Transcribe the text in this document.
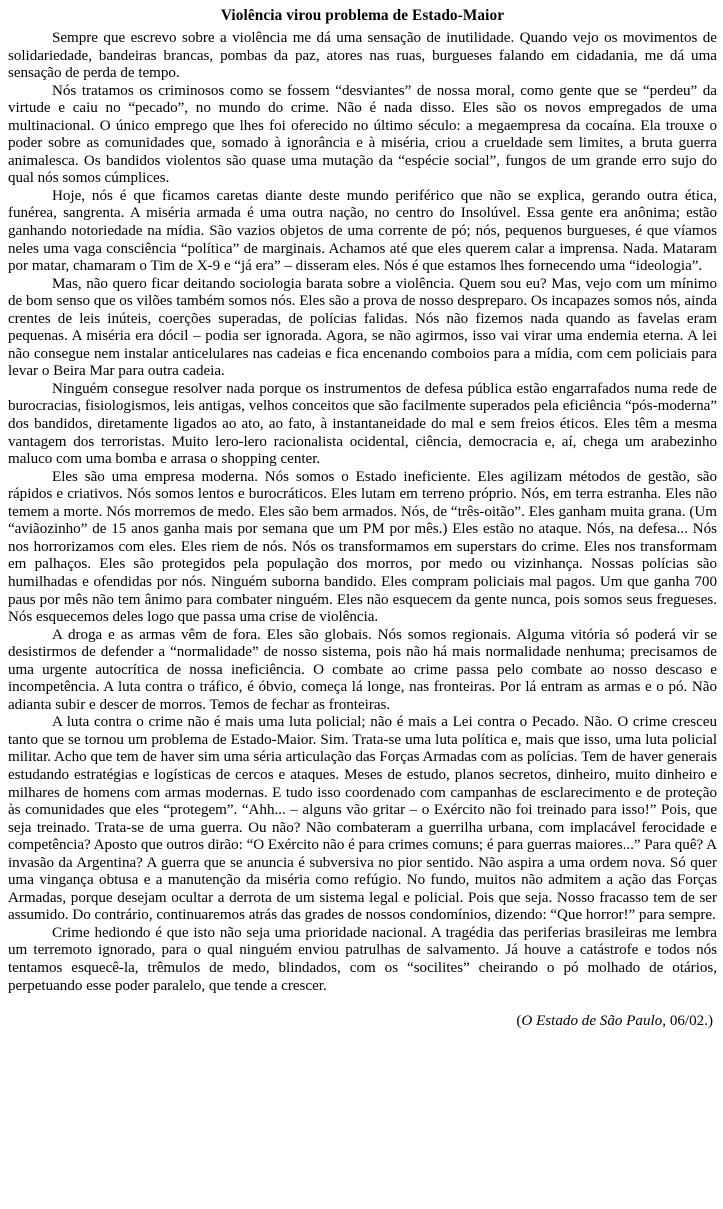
Violência virou problema de Estado-Maior

Sempre que escrevo sobre a violência me dá uma sensação de inutilidade. Quando vejo os movimentos de solidariedade, bandeiras brancas, pombas da paz, atores nas ruas, burgueses falando em cidadania, me dá uma sensação de perda de tempo.

Nós tratamos os criminosos como se fossem “desviantes” de nossa moral, como gente que se “perdeu” da virtude e caiu no “pecado”, no mundo do crime. Não é nada disso. Eles são os novos empregados de uma multinacional. O único emprego que lhes foi oferecido no último século: a megaempresa da cocaína. Ela trouxe o poder sobre as comunidades que, somado à ignorância e à miséria, criou a crueldade sem limites, a bruta guerra animalesca. Os bandidos violentos são quase uma mutação da “espécie social”, fungos de um grande erro sujo do qual nós somos cúmplices.

Hoje, nós é que ficamos caretas diante deste mundo periférico que não se explica, gerando outra ética, funérea, sangrenta. A miséria armada é uma outra nação, no centro do Insolúvel. Essa gente era anônima; estão ganhando notoriedade na mídia. São vazios objetos de uma corrente de pó; nós, pequenos burgueses, é que víamos neles uma vaga consciência “política” de marginais. Achamos até que eles querem calar a imprensa. Nada. Mataram por matar, chamaram o Tim de X-9 e “já era” – disseram eles. Nós é que estamos lhes fornecendo uma “ideologia”.

Mas, não quero ficar deitando sociologia barata sobre a violência. Quem sou eu? Mas, vejo com um mínimo de bom senso que os vilões também somos nós. Eles são a prova de nosso despreparo. Os incapazes somos nós, ainda crentes de leis inúteis, coerções superadas, de polícias falidas. Nós não fizemos nada quando as favelas eram pequenas. A miséria era dócil – podia ser ignorada. Agora, se não agirmos, isso vai virar uma endemia eterna. A lei não consegue nem instalar anticelulares nas cadeias e fica encenando comboios para a mídia, com cem policiais para levar o Beira Mar para outra cadeia.

Ninguém consegue resolver nada porque os instrumentos de defesa pública estão engarrafados numa rede de burocracias, fisiologismos, leis antigas, velhos conceitos que são facilmente superados pela eficiência “pós-moderna” dos bandidos, diretamente ligados ao ato, ao fato, à instantaneidade do mal e sem freios éticos. Eles têm a mesma vantagem dos terroristas. Muito lero-lero racionalista ocidental, ciência, democracia e, aí, chega um arabezinho maluco com uma bomba e arrasa o shopping center.

Eles são uma empresa moderna. Nós somos o Estado ineficiente. Eles agilizam métodos de gestão, são rápidos e criativos. Nós somos lentos e burocráticos. Eles lutam em terreno próprio. Nós, em terra estranha. Eles não temem a morte. Nós morremos de medo. Eles são bem armados. Nós, de “três-oitão”. Eles ganham muita grana. (Um “aviãozinho” de 15 anos ganha mais por semana que um PM por mês.) Eles estão no ataque. Nós, na defesa... Nós nos horrorizamos com eles. Eles riem de nós. Nós os transformamos em superstars do crime. Eles nos transformam em palhaços. Eles são protegidos pela população dos morros, por medo ou vizinhança. Nossas polícias são humilhadas e ofendidas por nós. Ninguém suborna bandido. Eles compram policiais mal pagos. Um que ganha 700 paus por mês não tem ânimo para combater ninguém. Eles não esquecem da gente nunca, pois somos seus fregueses. Nós esquecemos deles logo que passa uma crise de violência.

A droga e as armas vêm de fora. Eles são globais. Nós somos regionais. Alguma vitória só poderá vir se desistirmos de defender a “normalidade” de nosso sistema, pois não há mais normalidade nenhuma; precisamos de uma urgente autocrítica de nossa ineficiência. O combate ao crime passa pelo combate ao nosso descaso e incompetência. A luta contra o tráfico, é óbvio, começa lá longe, nas fronteiras. Por lá entram as armas e o pó. Não adianta subir e descer de morros. Temos de fechar as fronteiras.

A luta contra o crime não é mais uma luta policial; não é mais a Lei contra o Pecado. Não. O crime cresceu tanto que se tornou um problema de Estado-Maior. Sim. Trata-se uma luta política e, mais que isso, uma luta policial militar. Acho que tem de haver sim uma séria articulação das Forças Armadas com as polícias. Tem de haver generais estudando estratégias e logísticas de cercos e ataques. Meses de estudo, planos secretos, dinheiro, muito dinheiro e milhares de homens com armas modernas. E tudo isso coordenado com campanhas de esclarecimento e de proteção às comunidades que eles “protegem”. “Ahh... – alguns vão gritar – o Exército não foi treinado para isso!” Pois, que seja treinado. Trata-se de uma guerra. Ou não? Não combateram a guerrilha urbana, com implacável ferocidade e competência? Aposto que outros dirão: “O Exército não é para crimes comuns; é para guerras maiores...” Para quê? A invasão da Argentina? A guerra que se anuncia é subversiva no pior sentido. Não aspira a uma ordem nova. Só quer uma vingança obtusa e a manutenção da miséria como refúgio. No fundo, muitos não admitem a ação das Forças Armadas, porque desejam ocultar a derrota de um sistema legal e policial. Pois que seja. Nosso fracasso tem de ser assumido. Do contrário, continuaremos atrás das grades de nossos condomínios, dizendo: “Que horror!” para sempre.

Crime hediondo é que isto não seja uma prioridade nacional. A tragédia das periferias brasileiras me lembra um terremoto ignorado, para o qual ninguém enviou patrulhas de salvamento. Já houve a catástrofe e todos nós tentamos esquecê-la, trêmulos de medo, blindados, com os “socilites” cheirando o pó molhado de otários, perpetuando esse poder paralelo, que tende a crescer.

(O Estado de São Paulo, 06/02.)
